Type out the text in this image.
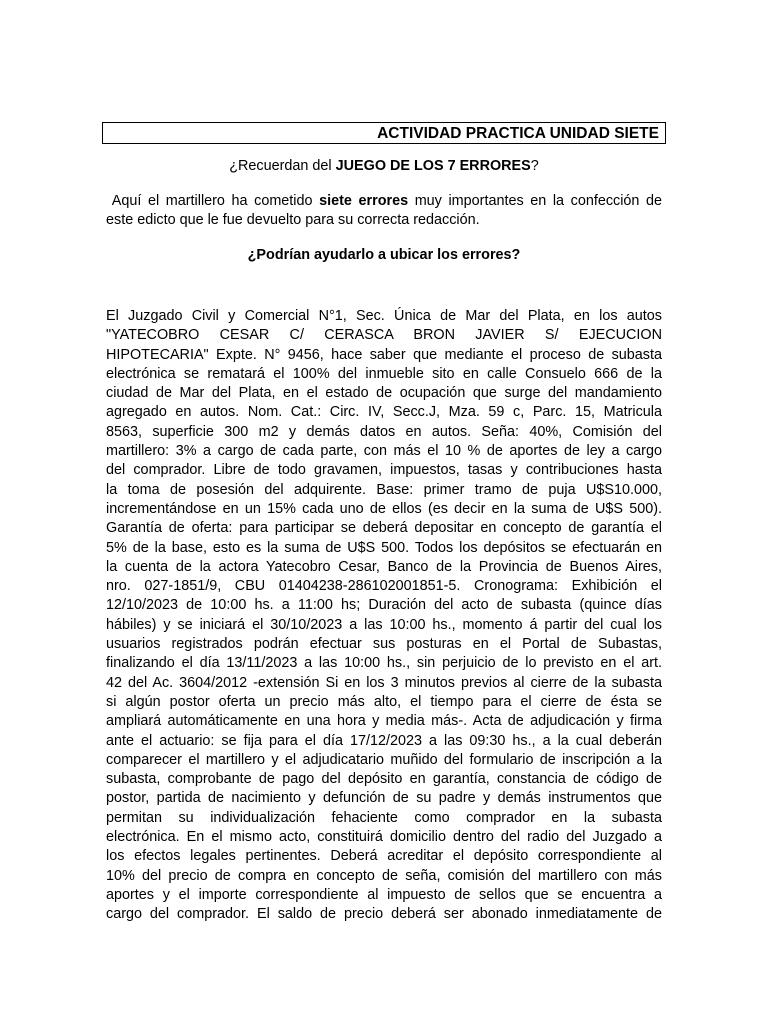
ACTIVIDAD PRACTICA UNIDAD SIETE
¿Recuerdan del JUEGO DE LOS 7 ERRORES?
Aquí el martillero ha cometido siete errores muy importantes en la confección de
este edicto que le fue devuelto para su correcta redacción.
¿Podrían ayudarlo a ubicar los errores?
El Juzgado Civil y Comercial N°1, Sec. Única de Mar del Plata, en los autos
"YATECOBRO CESAR C/ CERASCA BRON JAVIER S/ EJECUCION
HIPOTECARIA" Expte. N° 9456, hace saber que mediante el proceso de subasta
electrónica se rematará el 100% del inmueble sito en calle Consuelo 666 de la
ciudad de Mar del Plata, en el estado de ocupación que surge del mandamiento
agregado en autos. Nom. Cat.: Circ. IV, Secc.J, Mza. 59 c, Parc. 15, Matricula
8563, superficie 300 m2 y demás datos en autos. Seña: 40%, Comisión del
martillero: 3% a cargo de cada parte, con más el 10 % de aportes de ley a cargo
del comprador. Libre de todo gravamen, impuestos, tasas y contribuciones hasta
la toma de posesión del adquirente. Base: primer tramo de puja U$S10.000,
incrementándose en un 15% cada uno de ellos (es decir en la suma de U$S 500).
Garantía de oferta: para participar se deberá depositar en concepto de garantía el
5% de la base, esto es la suma de U$S 500. Todos los depósitos se efectuarán en
la cuenta de la actora Yatecobro Cesar, Banco de la Provincia de Buenos Aires,
nro. 027-1851/9, CBU 01404238-286102001851-5. Cronograma: Exhibición el
12/10/2023 de 10:00 hs. a 11:00 hs; Duración del acto de subasta (quince días
hábiles) y se iniciará el 30/10/2023 a las 10:00 hs., momento á partir del cual los
usuarios registrados podrán efectuar sus posturas en el Portal de Subastas,
finalizando el día 13/11/2023 a las 10:00 hs., sin perjuicio de lo previsto en el art.
42 del Ac. 3604/2012 -extensión Si en los 3 minutos previos al cierre de la subasta
si algún postor oferta un precio más alto, el tiempo para el cierre de ésta se
ampliará automáticamente en una hora y media más-. Acta de adjudicación y firma
ante el actuario: se fija para el día 17/12/2023 a las 09:30 hs., a la cual deberán
comparecer el martillero y el adjudicatario muñido del formulario de inscripción a la
subasta, comprobante de pago del depósito en garantía, constancia de código de
postor, partida de nacimiento y defunción de su padre y demás instrumentos que
permitan su individualización fehaciente como comprador en la subasta
electrónica. En el mismo acto, constituirá domicilio dentro del radio del Juzgado a
los efectos legales pertinentes. Deberá acreditar el depósito correspondiente al
10% del precio de compra en concepto de seña, comisión del martillero con más
aportes y el importe correspondiente al impuesto de sellos que se encuentra a
cargo del comprador. El saldo de precio deberá ser abonado inmediatamente de
